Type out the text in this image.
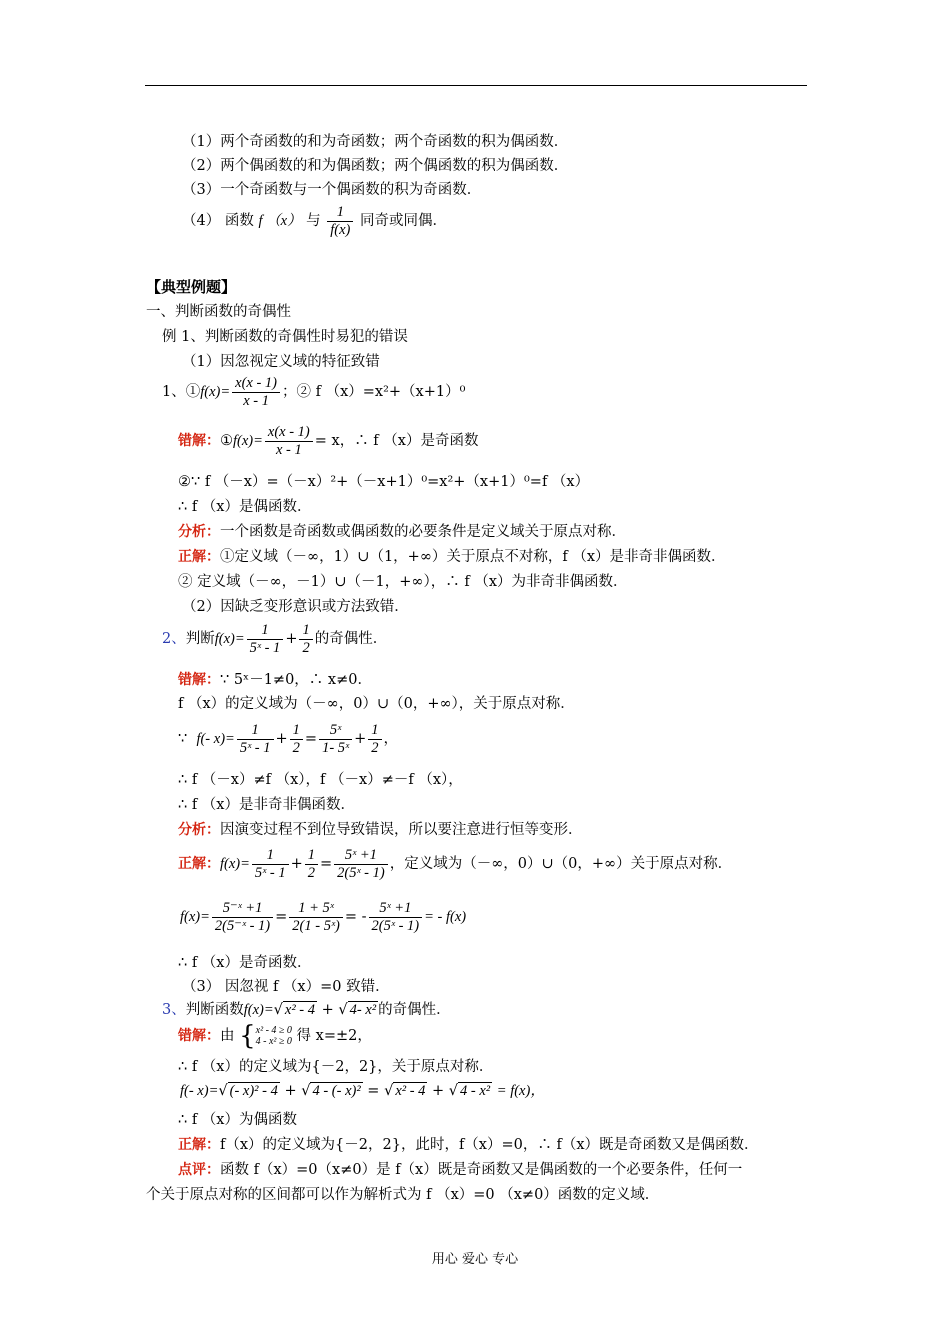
（1）两个奇函数的和为奇函数；两个奇函数的积为偶函数．
（2）两个偶函数的和为偶函数；两个偶函数的积为偶函数．
（3）一个奇函数与一个偶函数的积为奇函数．
（4） 函数 f （x） 与 $\frac{1}{f(x)}$ 同奇或同偶．
【典型例题】
一、判断函数的奇偶性
例 1、判断函数的奇偶性时易犯的错误
（1）因忽视定义域的特征致错
1、①f(x)= $\frac{x(x - 1)}{x - 1}$ ；② f （x）=x²+（x+1）⁰
错解：①f(x)= $\frac{x(x - 1)}{x - 1} = x$，∴ f （x）是奇函数
②∵ f （－x）=（－x）²+（－x+1）⁰=x²+（x+1）⁰=f （x）
∴ f （x）是偶函数．
分析：一个函数是奇函数或偶函数的必要条件是定义域关于原点对称．
正解：①定义域（－∞，1）∪（1，+∞）关于原点不对称，f （x）是非奇非偶函数．
② 定义域（－∞，－1）∪（－1，+∞），∴ f （x）为非奇非偶函数．
（2）因缺乏变形意识或方法致错．
2、判断$f(x)= \frac{1}{\text{5ˣ - 1}} + \frac{1}{2}$ 的奇偶性．
错解：∵ 5ˣ－1≠0，∴ x≠0．
f （x）的定义域为（－∞，0）∪（0，+∞），关于原点对称．
∵ f(- $x)= \frac{1}{\text{5ˣ - 1}} + \frac{1}{2} = \frac{\text{5ˣ}}{\text{1- 5ˣ}} + \frac{1}{2}$ ，
∴ f （－x）≠f （x），f （－x）≠－f （x），
∴ f （x）是非奇非偶函数．
分析：因演变过程不到位导致错误，所以要注意进行恒等变形．
正解：$f(x)= \frac{1}{\text{5ˣ - 1}} + \frac{1}{2} = \frac{\text{5ˣ +1}}{\text{2(5ˣ - 1)}}$ ，定义域为（－∞，0）∪（0，+∞）关于原点对称．
$f(x)= \frac{\text{5⁻ˣ +1}}{\text{2(5⁻ˣ - 1)}} = \frac{\text{1 + 5ˣ}}{\text{2(1 - 5ˣ)}}$ = - $\frac{\text{5ˣ +1}}{\text{2(5ˣ - 1)}}$ = - f(x)
∴ f （x）是奇函数．
（3） 因忽视 f （x）=0 致错．
3、判断函数f(x)=√ x² - 4 + √ 4- x² 的奇偶性．
错解：由 { x² - 4 ≥ 0
4 - x² ≥ 0 得 x=±2，
∴ f （x）的定义域为{－2，2}，关于原点对称．
f(- x)=√ (- x)² - 4 + √ 4 - (- x)² = √ x² - 4 + √ 4 - x² = f(x)，
∴ f （x）为偶函数
正解：f（x）的定义域为{－2，2}，此时，f（x）=0，∴ f（x）既是奇函数又是偶函数．
点评：函数 f（x）=0（x≠0）是 f（x）既是奇函数又是偶函数的一个必要条件，任何一
个关于原点对称的区间都可以作为解析式为 f （x）=0 （x≠0）函数的定义域．
用心 爱心 专心
